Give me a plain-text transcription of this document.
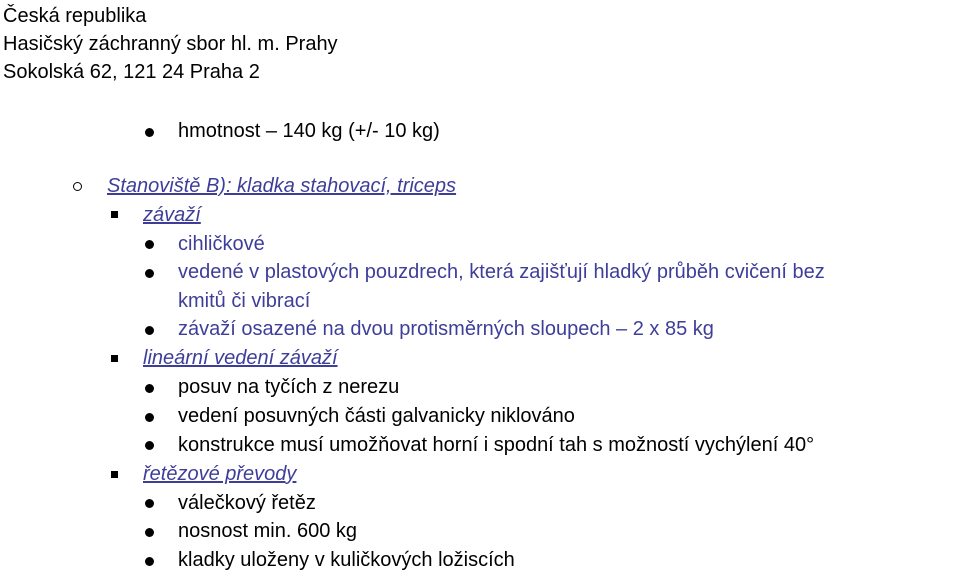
Česká republika
Hasičský záchranný sbor hl. m. Prahy
Sokolská 62, 121 24 Praha 2
hmotnost – 140 kg (+/- 10 kg)
Stanoviště B): kladka stahovací, triceps
závaží
cihličkové
vedené v plastových pouzdrech, která zajišťují hladký průběh cvičení bez
kmitů či vibrací
závaží osazené na dvou protisměrných sloupech – 2 x 85 kg
lineární vedení závaží
posuv na tyčích z nerezu
vedení posuvných části galvanicky niklováno
konstrukce musí umožňovat horní i spodní tah s možností vychýlení 40°
řetězové převody
válečkový řetěz
nosnost min. 600 kg
kladky uloženy v kuličkových ložiscích
